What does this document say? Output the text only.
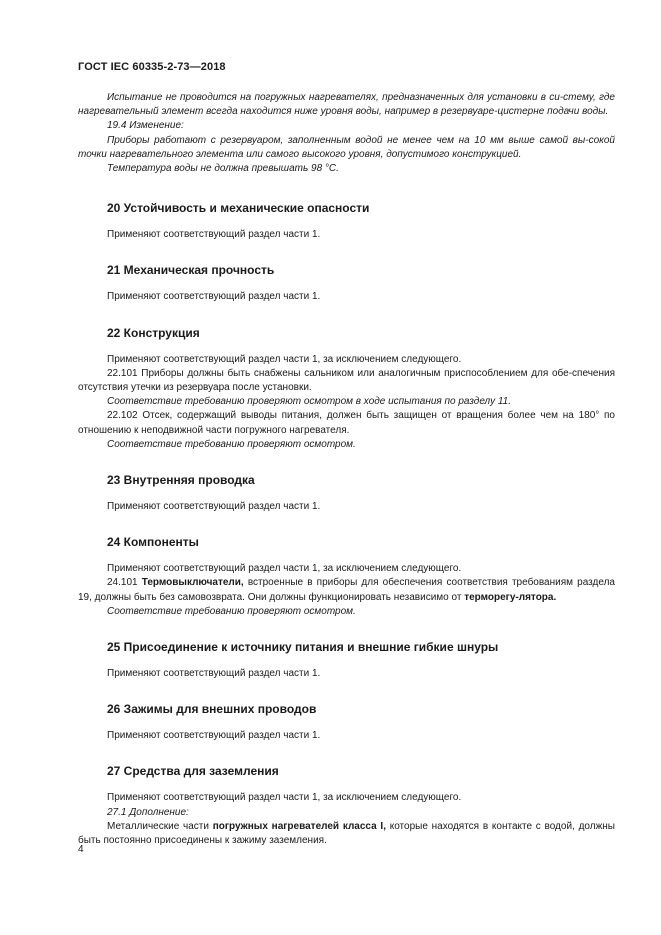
ГОСТ IEC 60335-2-73—2018

Испытание не проводится на погружных нагревателях, предназначенных для установки в си-стему, где нагревательный элемент всегда находится ниже уровня воды, например в резервуаре-цистерне подачи воды.

19.4 Изменение:

Приборы работают с резервуаром, заполненным водой не менее чем на 10 мм выше самой вы-сокой точки нагревательного элемента или самого высокого уровня, допустимого конструкцией.

Температура воды не должна превышать 98 °С.

20 Устойчивость и механические опасности

Применяют соответствующий раздел части 1.

21 Механическая прочность

Применяют соответствующий раздел части 1.

22 Конструкция

Применяют соответствующий раздел части 1, за исключением следующего.

22.101 Приборы должны быть снабжены сальником или аналогичным приспособлением для обе-спечения отсутствия утечки из резервуара после установки.

Соответствие требованию проверяют осмотром в ходе испытания по разделу 11.

22.102 Отсек, содержащий выводы питания, должен быть защищен от вращения более чем на 180° по отношению к неподвижной части погружного нагревателя.

Соответствие требованию проверяют осмотром.

23 Внутренняя проводка

Применяют соответствующий раздел части 1.

24 Компоненты

Применяют соответствующий раздел части 1, за исключением следующего.

24.101 Термовыключатели, встроенные в приборы для обеспечения соответствия требованиям раздела 19, должны быть без самовозврата. Они должны функционировать независимо от терморегу-лятора.

Соответствие требованию проверяют осмотром.

25 Присоединение к источнику питания и внешние гибкие шнуры

Применяют соответствующий раздел части 1.

26 Зажимы для внешних проводов

Применяют соответствующий раздел части 1.

27 Средства для заземления

Применяют соответствующий раздел части 1, за исключением следующего.

27.1 Дополнение:

Металлические части погружных нагревателей класса I, которые находятся в контакте с водой, должны быть постоянно присоединены к зажиму заземления.

4
